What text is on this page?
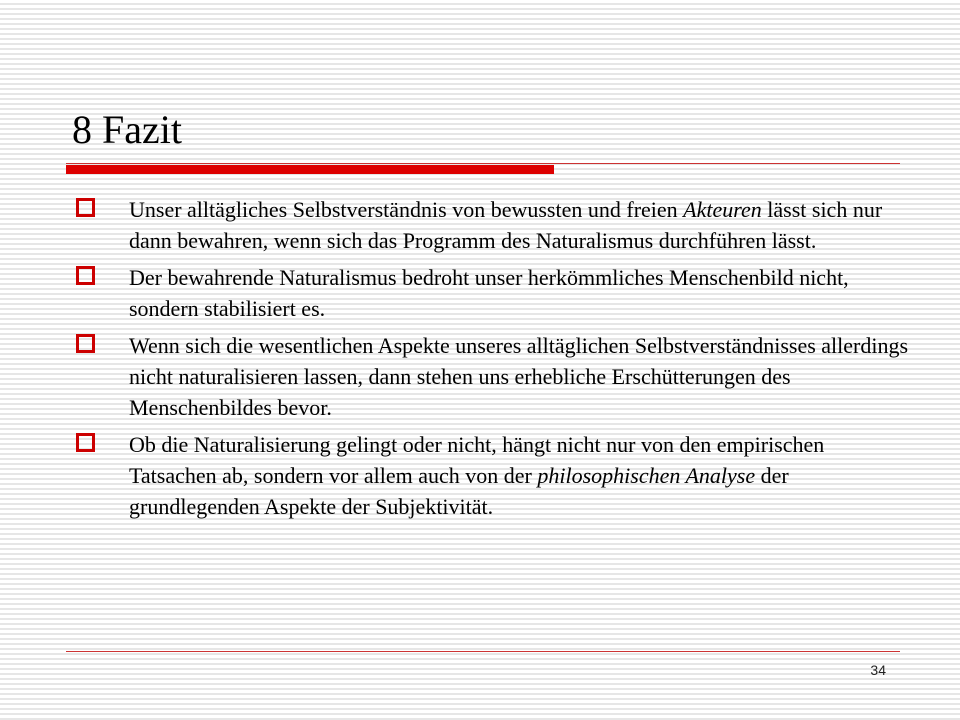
8 Fazit

Unser alltägliches Selbstverständnis von bewussten und freien Akteuren lässt sich nur dann bewahren, wenn sich das Programm des Naturalismus durchführen lässt.

Der bewahrende Naturalismus bedroht unser herkömmliches Menschenbild nicht, sondern stabilisiert es.

Wenn sich die wesentlichen Aspekte unseres alltäglichen Selbstverständnisses allerdings nicht naturalisieren lassen, dann stehen uns erhebliche Erschütterungen des Menschenbildes bevor.

Ob die Naturalisierung gelingt oder nicht, hängt nicht nur von den empirischen Tatsachen ab, sondern vor allem auch von der philosophischen Analyse der grundlegenden Aspekte der Subjektivität.

34
